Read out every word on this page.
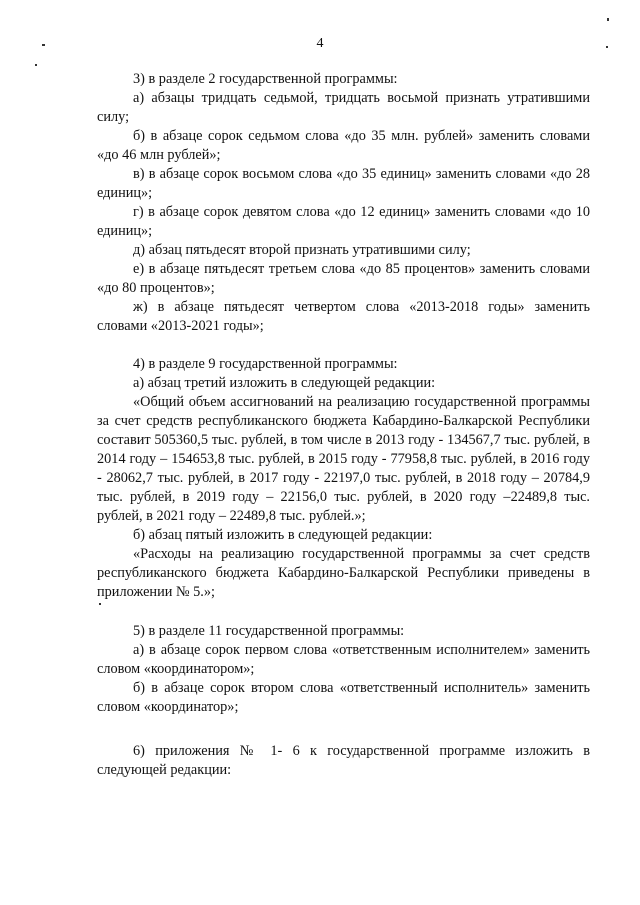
4

3) в разделе 2 государственной программы:

а) абзацы тридцать седьмой, тридцать восьмой признать утратившими силу;

б) в абзаце сорок седьмом слова «до 35 млн. рублей» заменить словами «до 46 млн рублей»;

в) в абзаце сорок восьмом слова «до 35 единиц» заменить словами «до 28 единиц»;

г) в абзаце сорок девятом слова «до 12 единиц» заменить словами «до 10 единиц»;

д) абзац пятьдесят второй признать утратившими силу;

е) в абзаце пятьдесят третьем слова «до 85 процентов» заменить словами «до 80 процентов»;

ж) в абзаце пятьдесят четвертом слова «2013-2018 годы» заменить словами «2013-2021 годы»;

4) в разделе 9 государственной программы:

а) абзац третий изложить в следующей редакции:

«Общий объем ассигнований на реализацию государственной программы за счет средств республиканского бюджета Кабардино-Балкарской Республики составит 505360,5 тыс. рублей, в том числе в 2013 году - 134567,7 тыс. рублей, в 2014 году – 154653,8 тыс. рублей, в 2015 году - 77958,8 тыс. рублей, в 2016 году - 28062,7 тыс. рублей, в 2017 году - 22197,0 тыс. рублей, в 2018 году – 20784,9 тыс. рублей, в 2019 году – 22156,0 тыс. рублей, в 2020 году –22489,8 тыс. рублей, в 2021 году – 22489,8 тыс. рублей.»;

б) абзац пятый изложить в следующей редакции:

«Расходы на реализацию государственной программы за счет средств республиканского бюджета Кабардино-Балкарской Республики приведены в приложении № 5.»;

5) в разделе 11 государственной программы:

а) в абзаце сорок первом слова «ответственным исполнителем» заменить словом «координатором»;

б) в абзаце сорок втором слова «ответственный исполнитель» заменить словом «координатор»;

6) приложения № 1- 6 к государственной программе изложить в следующей редакции:
